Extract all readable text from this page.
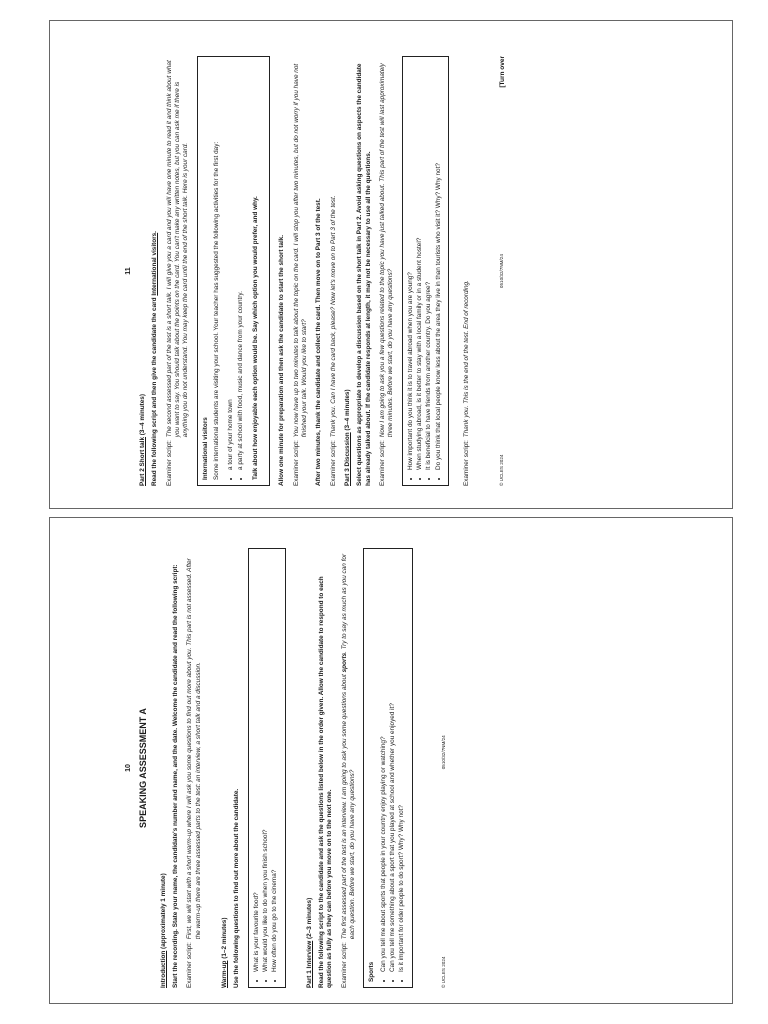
10 SPEAKING ASSESSMENT A
Introduction (approximately 1 minute) Start the recording. State your name, the candidate's number and name, and the date. Welcome the candidate and read the following script: Examiner script:
First, we will start with a short warm-up where I will ask you some questions to find out more about you. This part is not assessed. After the warm-up there are three assessed parts to the test: an interview, a short talk and a discussion.
Warm-up (1–2 minutes) Use the following questions to find out more about the candidate. • What is your favourite food? • What would you like to do when you finish school? • How often do you go to the cinema?	Part 1 Interview (2–3 minutes) Read the following script to the candidate and ask the questions listed below in the order given. Allow the candidate to respond to each question as fully as they can before you move on to the next one. Examiner script:
The first assessed part of the test is an interview. I am going to ask you some questions about sports. Try to say as much as you can for each question. Before we start, do you have any questions?
Sports • Can you tell me about sports that people in your country enjoy playing or watching? • Can you tell me something about a sport that you played at school and whether you enjoyed it? • Is it important for older people to do sport? Why? Why not?
© UCLES 2024
0510/32/7NM/24
11
Part 2 Short talk (3–4 minutes) Read the following script and then give the candidate the card International visitors.

Examiner script:
The second assessed part of the test is a short talk. I will give you a card and you will have one minute to read it and think about what you want to say. You should talk about the points on the card. You can't make any written notes, but you can ask me if there is anything you do not understand. You may keep the card until the end of the short talk. Here is your card.
International visitors Some international students are visiting your school. Your teacher has suggested the following activities for the first day: • a tour of your home town • a party at school with food, music and dance from your country. Talk about how enjoyable each option would be. Say which option you would prefer, and why.	Allow one minute for preparation and then ask the candidate to start the short talk. Examiner script:
You now have up to two minutes to talk about the topic on the card. I will stop you after two minutes, but do not worry if you have not finished your talk. Would you like to start? After two minutes, thank the candidate and collect the card. Then move on to Part 3 of the test. Examiner script:
Thank you. Can I have the card back, please? Now let's move on to Part 3 of the test.
Part 3 Discussion (3–4 minutes) Select questions as appropriate to develop a discussion based on the short talk in Part 2. Avoid asking questions on aspects the candidate has already talked about. If the candidate responds at length, it may not be necessary to use all the questions. Examiner script:
Now I am going to ask you a few questions related to the topic you have just talked about. This part of the test will last approximately three minutes. Before we start, do you have any questions? • How important do you think it is to travel abroad when you are young? • When studying abroad, is it better to stay with a local family or in a student hostel? • It is beneficial to have friends from another country. Do you agree? • Do you think that local people know less about the area they live in than tourists who visit it? Why? Why not?	Examiner script:
Thank you. This is the end of the test. End of recording.
© UCLES 2024
0510/32/7NM/24
[Turn over
